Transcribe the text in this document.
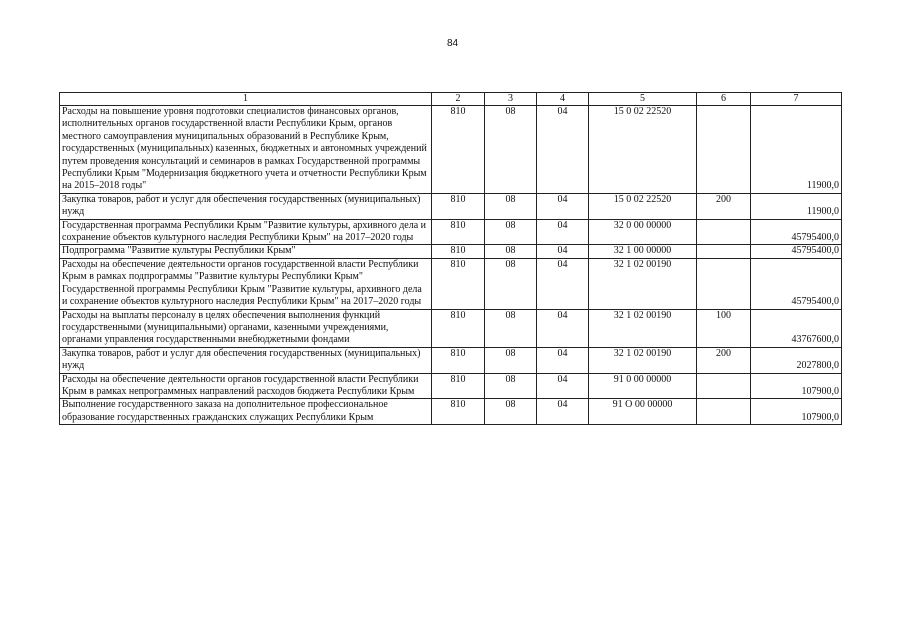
84
1	2	3	4	5	6	7
Расходы на повышение уровня подготовки специалистов финансовых органов, исполнительных органов государственной власти Республики Крым, органов местного самоуправления муниципальных образований в Республике Крым, государственных (муниципальных) казенных, бюджетных и автономных учреждений путем проведения консультаций и семинаров в рамках Государственной программы Республики Крым "Модернизация бюджетного учета и отчетности Республики Крым на 2015–2018 годы"	810	08	04	15 0 02 22520		11900,0
Закупка товаров, работ и услуг для обеспечения государственных (муниципальных) нужд	810	08	04	15 0 02 22520	200	11900,0
Государственная программа Республики Крым "Развитие культуры, архивного дела и сохранение объектов культурного наследия Республики Крым" на 2017–2020 годы	810	08	04	32 0 00 00000		45795400,0
Подпрограмма "Развитие культуры Республики Крым"	810	08	04	32 1 00 00000		45795400,0
Расходы на обеспечение деятельности органов государственной власти Республики Крым в рамках подпрограммы "Развитие культуры Республики Крым" Государственной программы Республики Крым "Развитие культуры, архивного дела и сохранение объектов культурного наследия Республики Крым" на 2017–2020 годы	810	08	04	32 1 02 00190		45795400,0
Расходы на выплаты персоналу в целях обеспечения выполнения функций государственными (муниципальными) органами, казенными учреждениями, органами управления государственными внебюджетными фондами	810	08	04	32 1 02 00190	100	43767600,0
Закупка товаров, работ и услуг для обеспечения государственных (муниципальных) нужд	810	08	04	32 1 02 00190	200	2027800,0
Расходы на обеспечение деятельности органов государственной власти Республики Крым в рамках непрограммных направлений расходов бюджета Республики Крым	810	08	04	91 0 00 00000		107900,0
Выполнение государственного заказа на дополнительное профессиональное образование государственных гражданских служащих Республики Крым	810	08	04	91 О 00 00000		107900,0
